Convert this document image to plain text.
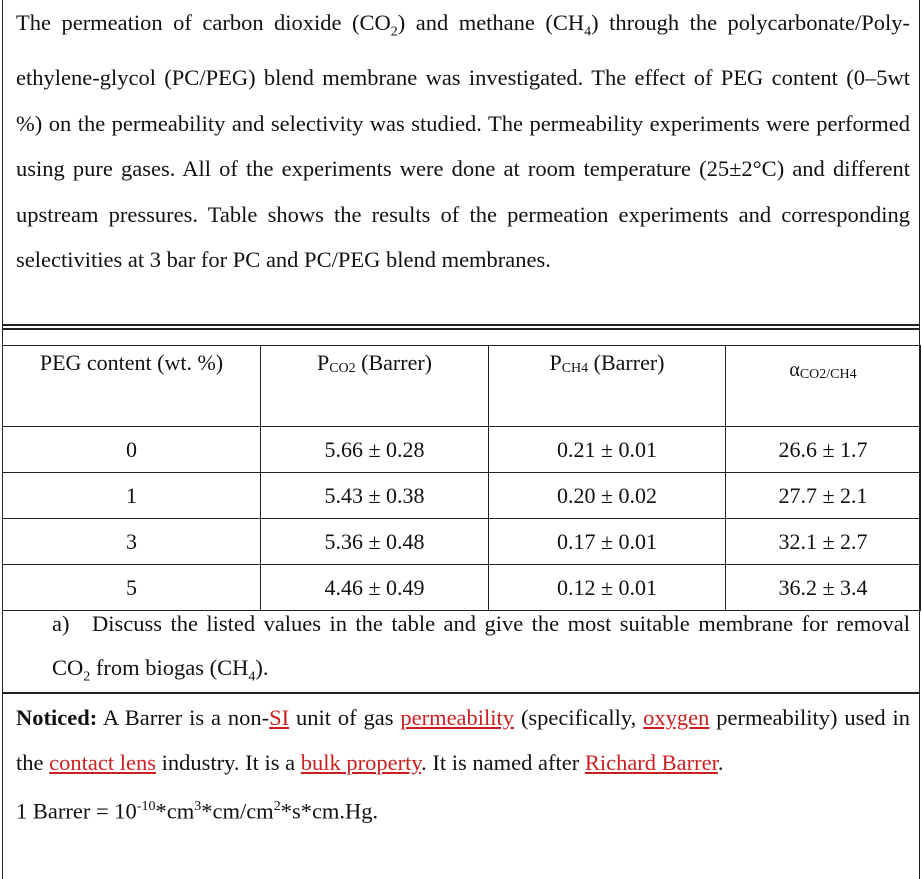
The permeation of carbon dioxide $(CO_2)$ and methane $(CH_4)$ through the polycarbonate/Poly-ethylene-glycol (PC/PEG) blend membrane was investigated. The effect of PEG content (0–5wt %) on the permeability and selectivity was studied. The permeability experiments were performed using pure gases. All of the experiments were done at room temperature (25±2°C) and different upstream pressures. Table shows the results of the permeation experiments and corresponding selectivities at 3 bar for PC and PC/PEG blend membranes.

PEG content (wt. %)	PCO2 (Barrer)	PCH4 (Barrer)	αCO2/CH4
0	5.66 ± 0.28	0.21 ± 0.01	26.6 ± 1.7
1	5.43 ± 0.38	0.20 ± 0.02	27.7 ± 2.1
3	5.36 ± 0.48	0.17 ± 0.01	32.1 ± 2.7
5	4.46 ± 0.49	0.12 ± 0.01	36.2 ± 3.4

a) Discuss the listed values in the table and give the most suitable membrane for removal $CO_2$ from biogas $(CH_4)$.

Noticed: A Barrer is a non-SI unit of gas permeability (specifically, oxygen permeability) used in the contact lens industry. It is a bulk property. It is named after Richard Barrer.
1 Barrer = $10^{-10}*cm^3*cm/cm^2*s*cm.Hg$.
